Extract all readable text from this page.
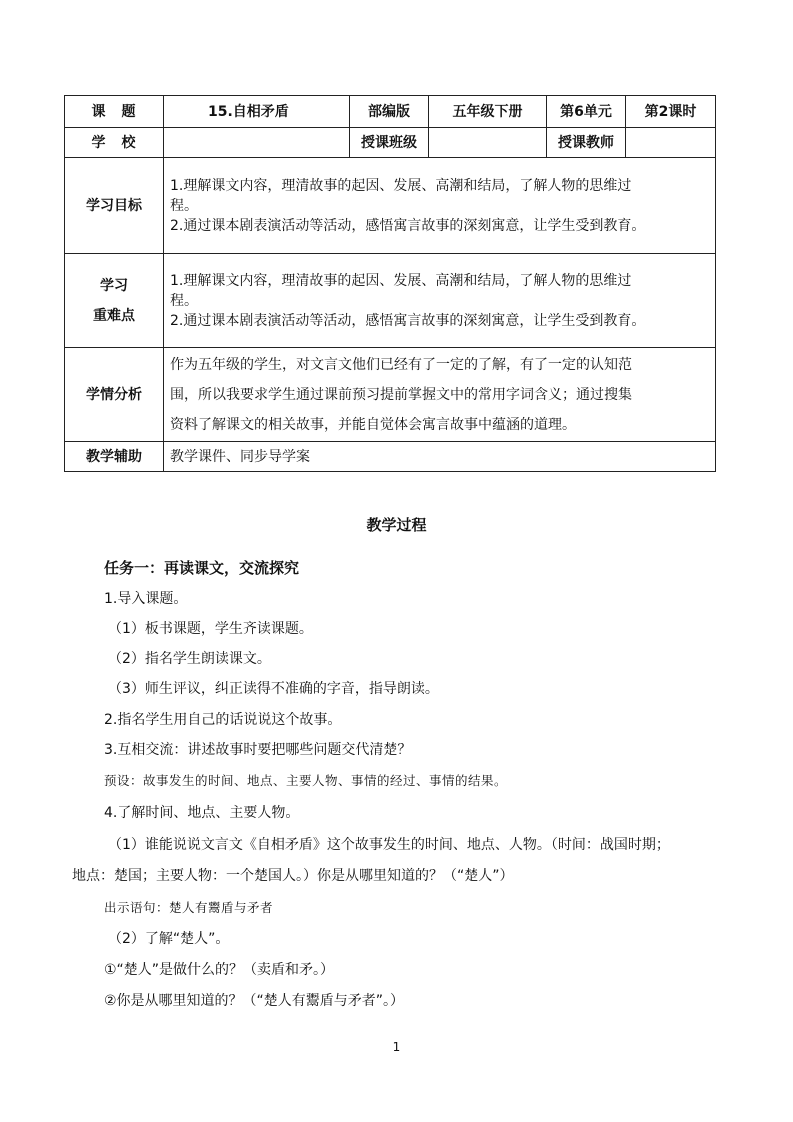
课　题	15.自相矛盾	部编版	五年级下册	第6单元	第2课时
学　校		授课班级		授课教师	
学习目标	1.理解课文内容，理清故事的起因、发展、高潮和结局，了解人物的思维过
程。
2.通过课本剧表演活动等活动，感悟寓言故事的深刻寓意，让学生受到教育。				

学习
重难点	1.理解课文内容，理清故事的起因、发展、高潮和结局，了解人物的思维过
程。
2.通过课本剧表演活动等活动，感悟寓言故事的深刻寓意，让学生受到教育。				

学情分析	作为五年级的学生，对文言文他们已经有了一定的了解，有了一定的认知范
围，所以我要求学生通过课前预习提前掌握文中的常用字词含义；通过搜集
资料了解课文的相关故事，并能自觉体会寓言故事中蕴涵的道理。				

教学辅助	教学课件、同步导学案				
教学过程
任务一：再读课文，交流探究
1.导入课题。
（1）板书课题，学生齐读课题。
（2）指名学生朗读课文。
（3）师生评议，纠正读得不准确的字音，指导朗读。
2.指名学生用自己的话说说这个故事。
3.互相交流：讲述故事时要把哪些问题交代清楚？
预设：故事发生的时间、地点、主要人物、事情的经过、事情的结果。
4.了解时间、地点、主要人物。
（1）谁能说说文言文《自相矛盾》这个故事发生的时间、地点、人物。（时间：战国时期；
地点：楚国；主要人物：一个楚国人。）你是从哪里知道的？（“楚人”）
出示语句：楚人有鬻盾与矛者
（2）了解“楚人”。
①“楚人”是做什么的？（卖盾和矛。）
②你是从哪里知道的？（“楚人有鬻盾与矛者”。）
1
